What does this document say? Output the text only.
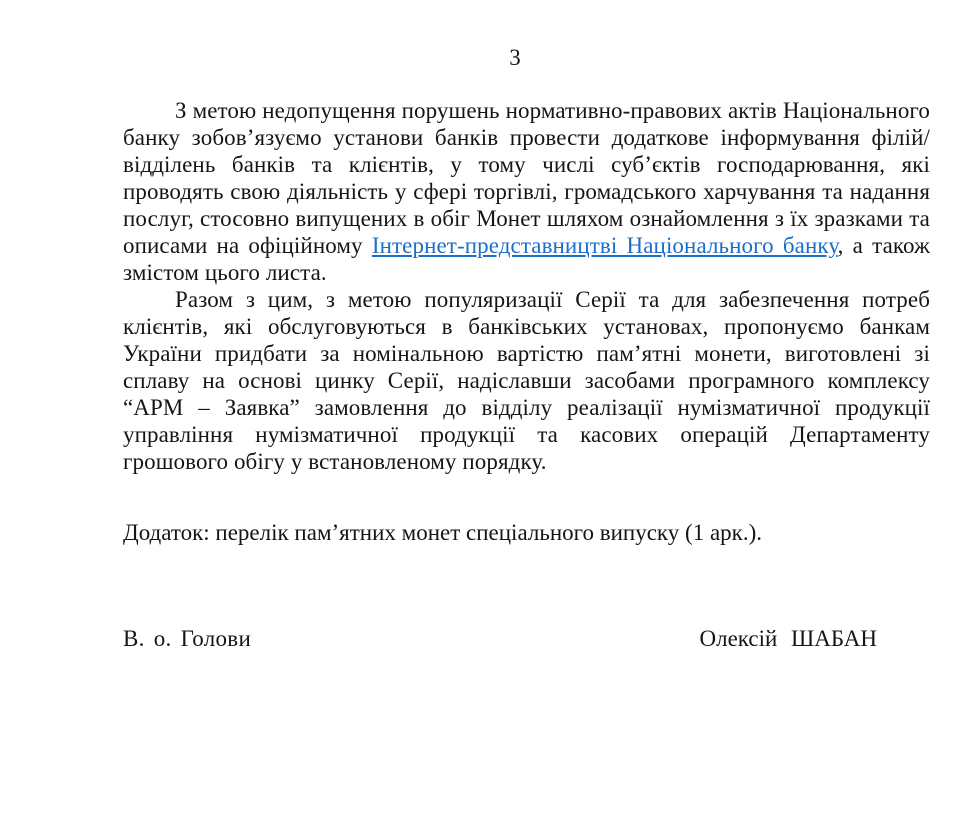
3

З метою недопущення порушень нормативно-правових актів Національного банку зобов’язуємо установи банків провести додаткове інформування філій/відділень банків та клієнтів, у тому числі суб’єктів господарювання, які проводять свою діяльність у сфері торгівлі, громадського харчування та надання послуг, стосовно випущених в обіг Монет шляхом ознайомлення з їх зразками та описами на офіційному Інтернет-представництві Національного банку, а також змістом цього листа.

Разом з цим, з метою популяризації Серії та для забезпечення потреб клієнтів, які обслуговуються в банківських установах, пропонуємо банкам України придбати за номінальною вартістю пам’ятні монети, виготовлені зі сплаву на основі цинку Серії, надіславши засобами програмного комплексу “АРМ – Заявка” замовлення до відділу реалізації нумізматичної продукції управління нумізматичної продукції та касових операцій Департаменту грошового обігу у встановленому порядку.

Додаток: перелік пам’ятних монет спеціального випуску (1 арк.).
В. о. Голови	Олексій ШАБАН
